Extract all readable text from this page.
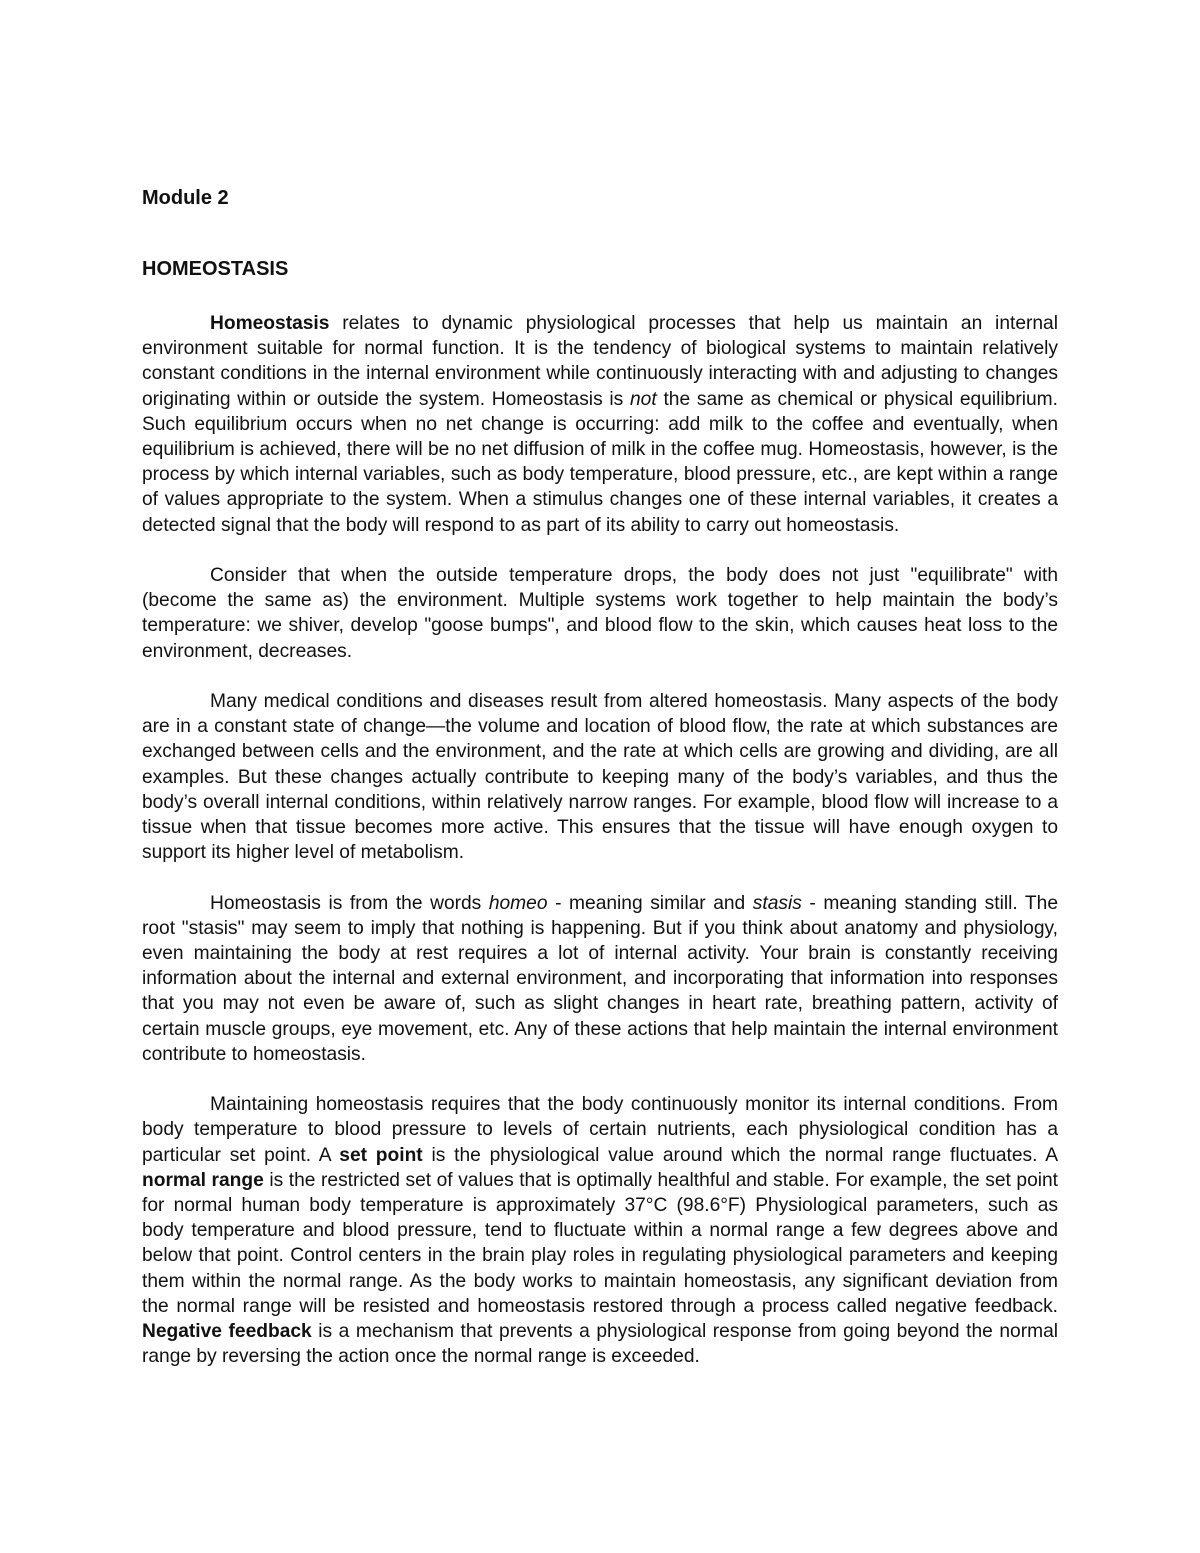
Module 2
HOMEOSTASIS

Homeostasis relates to dynamic physiological processes that help us maintain an internal environment suitable for normal function. It is the tendency of biological systems to maintain relatively constant conditions in the internal environment while continuously interacting with and adjusting to changes originating within or outside the system. Homeostasis is not the same as chemical or physical equilibrium. Such equilibrium occurs when no net change is occurring: add milk to the coffee and eventually, when equilibrium is achieved, there will be no net diffusion of milk in the coffee mug. Homeostasis, however, is the process by which internal variables, such as body temperature, blood pressure, etc., are kept within a range of values appropriate to the system. When a stimulus changes one of these internal variables, it creates a detected signal that the body will respond to as part of its ability to carry out homeostasis.

Consider that when the outside temperature drops, the body does not just "equilibrate" with (become the same as) the environment. Multiple systems work together to help maintain the body’s temperature: we shiver, develop "goose bumps", and blood flow to the skin, which causes heat loss to the environment, decreases.

Many medical conditions and diseases result from altered homeostasis. Many aspects of the body are in a constant state of change—the volume and location of blood flow, the rate at which substances are exchanged between cells and the environment, and the rate at which cells are growing and dividing, are all examples. But these changes actually contribute to keeping many of the body’s variables, and thus the body’s overall internal conditions, within relatively narrow ranges. For example, blood flow will increase to a tissue when that tissue becomes more active. This ensures that the tissue will have enough oxygen to support its higher level of metabolism.

Homeostasis is from the words homeo - meaning similar and stasis - meaning standing still. The root "stasis" may seem to imply that nothing is happening. But if you think about anatomy and physiology, even maintaining the body at rest requires a lot of internal activity. Your brain is constantly receiving information about the internal and external environment, and incorporating that information into responses that you may not even be aware of, such as slight changes in heart rate, breathing pattern, activity of certain muscle groups, eye movement, etc. Any of these actions that help maintain the internal environment contribute to homeostasis.

Maintaining homeostasis requires that the body continuously monitor its internal conditions. From body temperature to blood pressure to levels of certain nutrients, each physiological condition has a particular set point. A set point is the physiological value around which the normal range fluctuates. A normal range is the restricted set of values that is optimally healthful and stable. For example, the set point for normal human body temperature is approximately 37°C (98.6°F) Physiological parameters, such as body temperature and blood pressure, tend to fluctuate within a normal range a few degrees above and below that point. Control centers in the brain play roles in regulating physiological parameters and keeping them within the normal range. As the body works to maintain homeostasis, any significant deviation from the normal range will be resisted and homeostasis restored through a process called negative feedback. Negative feedback is a mechanism that prevents a physiological response from going beyond the normal range by reversing the action once the normal range is exceeded.
